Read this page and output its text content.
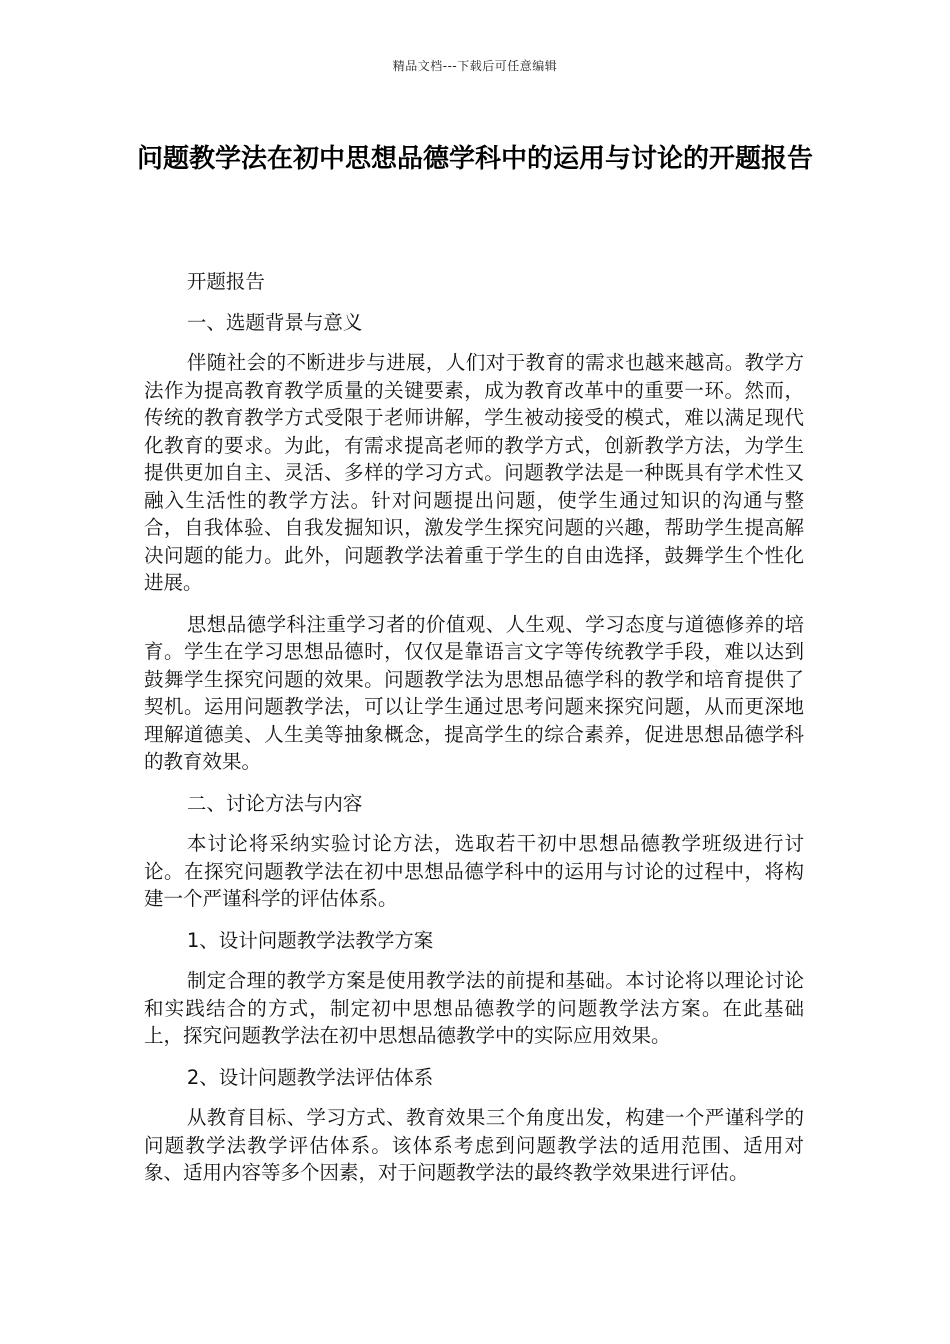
精品文档---下载后可任意编辑
问题教学法在初中思想品德学科中的运用与讨论的开题报告

开题报告

一、选题背景与意义

伴随社会的不断进步与进展，人们对于教育的需求也越来越高。教学方法作为提高教育教学质量的关键要素，成为教育改革中的重要一环。然而，传统的教育教学方式受限于老师讲解，学生被动接受的模式，难以满足现代化教育的要求。为此，有需求提高老师的教学方式，创新教学方法，为学生提供更加自主、灵活、多样的学习方式。问题教学法是一种既具有学术性又融入生活性的教学方法。针对问题提出问题，使学生通过知识的沟通与整合，自我体验、自我发掘知识，激发学生探究问题的兴趣，帮助学生提高解决问题的能力。此外，问题教学法着重于学生的自由选择，鼓舞学生个性化进展。

思想品德学科注重学习者的价值观、人生观、学习态度与道德修养的培育。学生在学习思想品德时，仅仅是靠语言文字等传统教学手段，难以达到鼓舞学生探究问题的效果。问题教学法为思想品德学科的教学和培育提供了契机。运用问题教学法，可以让学生通过思考问题来探究问题，从而更深地理解道德美、人生美等抽象概念，提高学生的综合素养，促进思想品德学科的教育效果。

二、讨论方法与内容

本讨论将采纳实验讨论方法，选取若干初中思想品德教学班级进行讨论。在探究问题教学法在初中思想品德学科中的运用与讨论的过程中，将构建一个严谨科学的评估体系。

1、设计问题教学法教学方案

制定合理的教学方案是使用教学法的前提和基础。本讨论将以理论讨论和实践结合的方式，制定初中思想品德教学的问题教学法方案。在此基础上，探究问题教学法在初中思想品德教学中的实际应用效果。

2、设计问题教学法评估体系

从教育目标、学习方式、教育效果三个角度出发，构建一个严谨科学的问题教学法教学评估体系。该体系考虑到问题教学法的适用范围、适用对象、适用内容等多个因素，对于问题教学法的最终教学效果进行评估。
